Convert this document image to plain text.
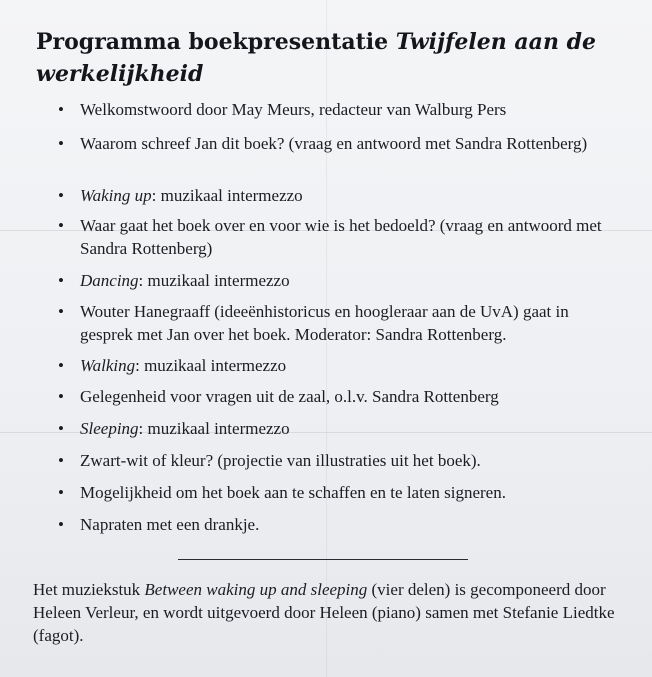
Programma boekpresentatie Twijfelen aan de werkelijkheid
• Welkomstwoord door May Meurs, redacteur van Walburg Pers
• Waarom schreef Jan dit boek? (vraag en antwoord met Sandra Rottenberg)
• Waking up: muzikaal intermezzo
• Waar gaat het boek over en voor wie is het bedoeld? (vraag en antwoord met Sandra Rottenberg)
• Dancing: muzikaal intermezzo
• Wouter Hanegraaff (ideeënhistoricus en hoogleraar aan de UvA) gaat in gesprek met Jan over het boek. Moderator: Sandra Rottenberg.
• Walking: muzikaal intermezzo
• Gelegenheid voor vragen uit de zaal, o.l.v. Sandra Rottenberg
• Sleeping: muzikaal intermezzo
• Zwart-wit of kleur? (projectie van illustraties uit het boek).
• Mogelijkheid om het boek aan te schaffen en te laten signeren.
• Napraten met een drankje.
Het muziekstuk Between waking up and sleeping (vier delen) is gecomponeerd door Heleen Verleur, en wordt uitgevoerd door Heleen (piano) samen met Stefanie Liedtke (fagot).
